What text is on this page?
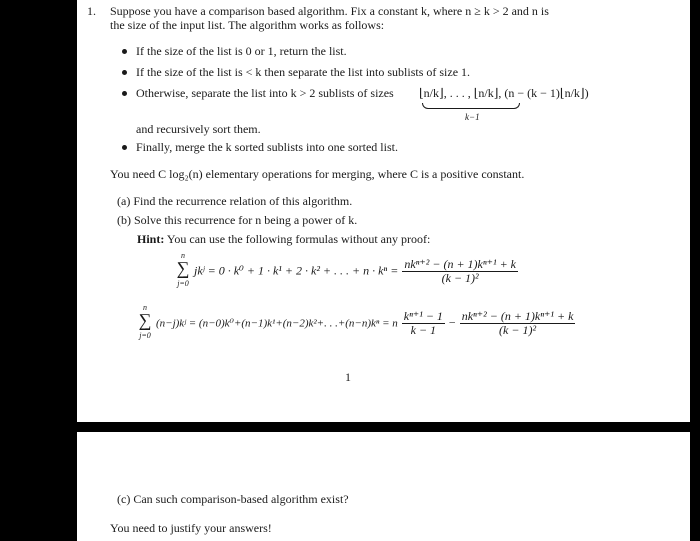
1. Suppose you have a comparison based algorithm. Fix a constant k, where n ≥ k > 2 and n is
the size of the input list. The algorithm works as follows:
If the size of the list is 0 or 1, return the list.
If the size of the list is < k then separate the list into sublists of size 1.
Otherwise, separate the list into k > 2 sublists of sizes ⌊n/k⌋, . . . , ⌊n/k⌋, (n − (k − 1)⌊n/k⌋)
k−1
and recursively sort them.
Finally, merge the k sorted sublists into one sorted list.
You need C log₂(n) elementary operations for merging, where C is a positive constant.
(a) Find the recurrence relation of this algorithm.
(b) Solve this recurrence for n being a power of k.
Hint: You can use the following formulas without any proof:
n
∑
j=0
jkʲ = 0 · k⁰ + 1 · k¹ + 2 · k² + . . . + $n \cdot k^n = \frac{\text{nkⁿ⁺² − (n + 1)kⁿ⁺¹ + k}}{\text{(k − 1)²}}$
n
∑
j=0
(n−j)kʲ = (n−0)k⁰+(n−1)k¹+(n−2)k²+. . .+(n−n)kⁿ = n $\frac{\text{kⁿ⁺¹ − 1}}{k - 1} - \frac{\text{nkⁿ⁺² − (n + 1)kⁿ⁺¹ + k}}{\text{(k − 1)²}}$
1
(c) Can such comparison-based algorithm exist?
You need to justify your answers!
